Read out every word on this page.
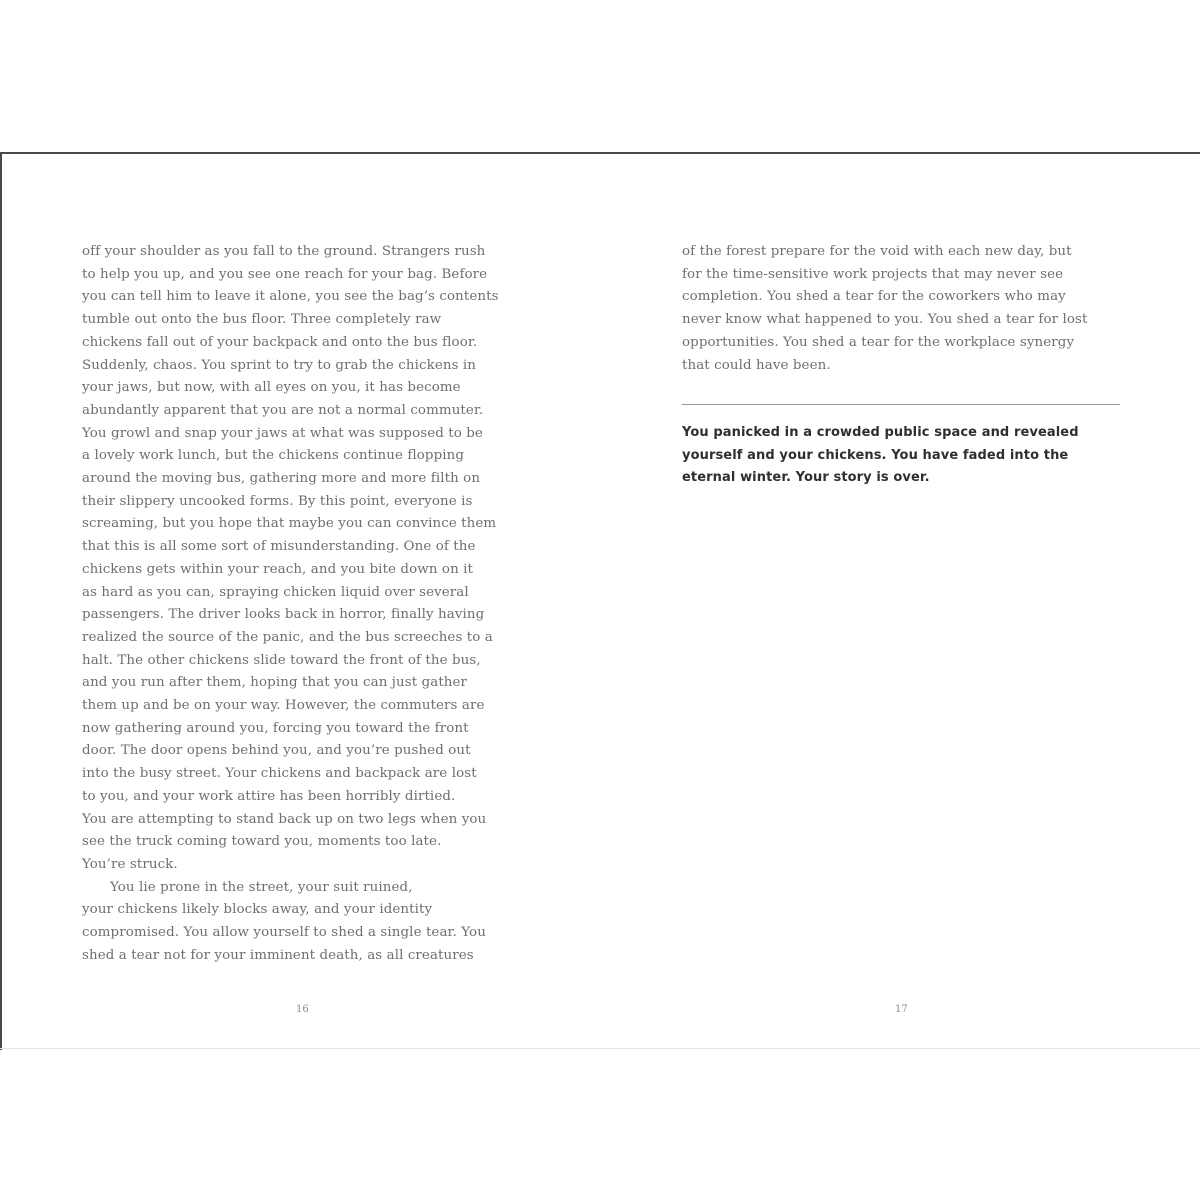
off your shoulder as you fall to the ground. Strangers rush
to help you up, and you see one reach for your bag. Before
you can tell him to leave it alone, you see the bag’s contents
tumble out onto the bus floor. Three completely raw
chickens fall out of your backpack and onto the bus floor.
Suddenly, chaos. You sprint to try to grab the chickens in
your jaws, but now, with all eyes on you, it has become
abundantly apparent that you are not a normal commuter.
You growl and snap your jaws at what was supposed to be
a lovely work lunch, but the chickens continue flopping
around the moving bus, gathering more and more filth on
their slippery uncooked forms. By this point, everyone is
screaming, but you hope that maybe you can convince them
that this is all some sort of misunderstanding. One of the
chickens gets within your reach, and you bite down on it
as hard as you can, spraying chicken liquid over several
passengers. The driver looks back in horror, finally having
realized the source of the panic, and the bus screeches to a
halt. The other chickens slide toward the front of the bus,
and you run after them, hoping that you can just gather
them up and be on your way. However, the commuters are
now gathering around you, forcing you toward the front
door. The door opens behind you, and you’re pushed out
into the busy street. Your chickens and backpack are lost
to you, and your work attire has been horribly dirtied.
You are attempting to stand back up on two legs when you
see the truck coming toward you, moments too late.
You’re struck.
You lie prone in the street, your suit ruined,
your chickens likely blocks away, and your identity
compromised. You allow yourself to shed a single tear. You
shed a tear not for your imminent death, as all creatures
16
of the forest prepare for the void with each new day, but
for the time-sensitive work projects that may never see
completion. You shed a tear for the coworkers who may
never know what happened to you. You shed a tear for lost
opportunities. You shed a tear for the workplace synergy
that could have been.
You panicked in a crowded public space and revealed
yourself and your chickens. You have faded into the
eternal winter. Your story is over.
17
